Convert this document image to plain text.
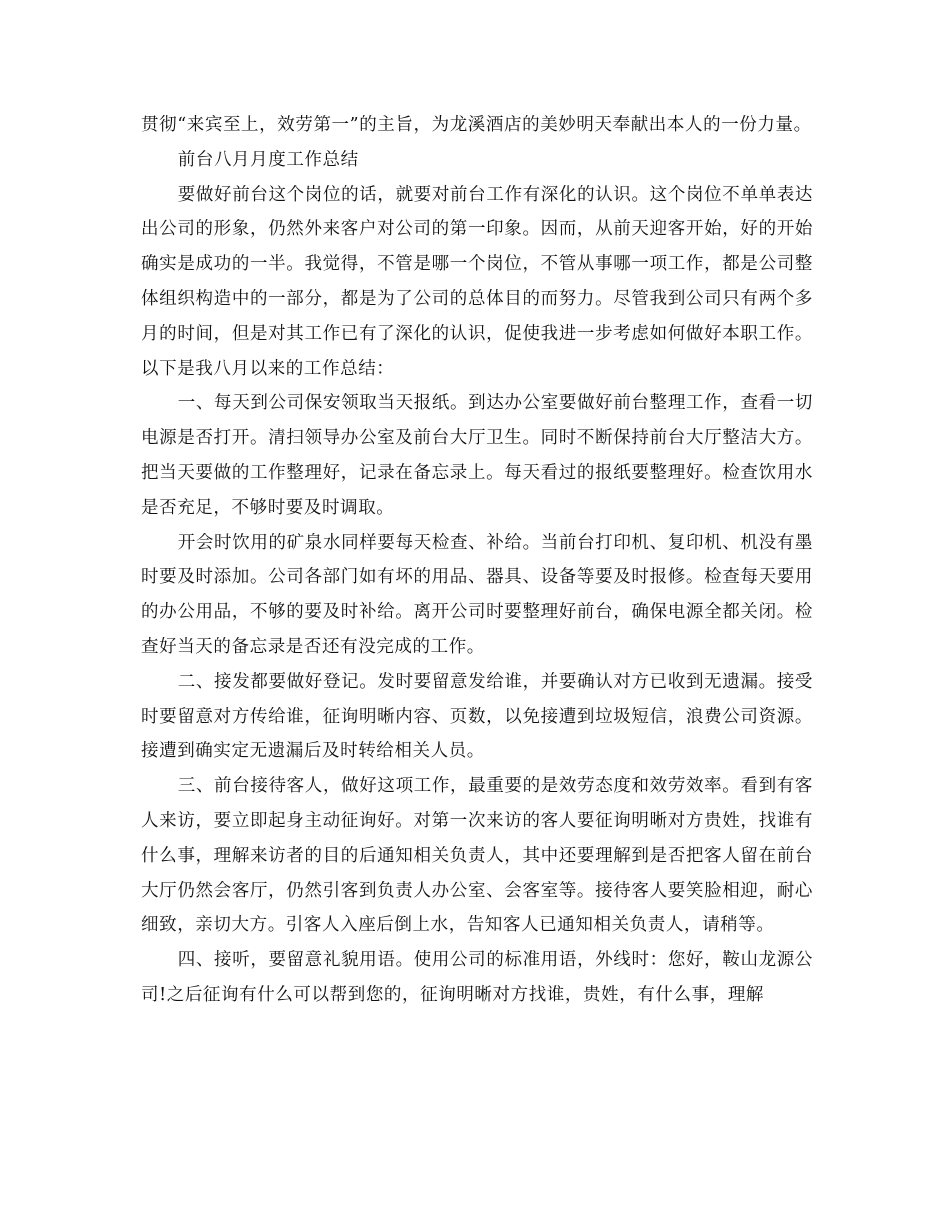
贯彻“来宾至上，效劳第一”的主旨，为龙溪酒店的美妙明天奉献出本人的一份力量。

前台八月月度工作总结

要做好前台这个岗位的话，就要对前台工作有深化的认识。这个岗位不单单表达出公司的形象，仍然外来客户对公司的第一印象。因而，从前天迎客开始，好的开始确实是成功的一半。我觉得，不管是哪一个岗位，不管从事哪一项工作，都是公司整体组织构造中的一部分，都是为了公司的总体目的而努力。尽管我到公司只有两个多月的时间，但是对其工作已有了深化的认识，促使我进一步考虑如何做好本职工作。以下是我八月以来的工作总结：

一、每天到公司保安领取当天报纸。到达办公室要做好前台整理工作，查看一切电源是否打开。清扫领导办公室及前台大厅卫生。同时不断保持前台大厅整洁大方。把当天要做的工作整理好，记录在备忘录上。每天看过的报纸要整理好。检查饮用水是否充足，不够时要及时调取。

开会时饮用的矿泉水同样要每天检查、补给。当前台打印机、复印机、机没有墨时要及时添加。公司各部门如有坏的用品、器具、设备等要及时报修。检查每天要用的办公用品，不够的要及时补给。离开公司时要整理好前台，确保电源全都关闭。检查好当天的备忘录是否还有没完成的工作。

二、接发都要做好登记。发时要留意发给谁，并要确认对方已收到无遗漏。接受时要留意对方传给谁，征询明晰内容、页数，以免接遭到垃圾短信，浪费公司资源。接遭到确实定无遗漏后及时转给相关人员。

三、前台接待客人，做好这项工作，最重要的是效劳态度和效劳效率。看到有客人来访，要立即起身主动征询好。对第一次来访的客人要征询明晰对方贵姓，找谁有什么事，理解来访者的目的后通知相关负责人，其中还要理解到是否把客人留在前台大厅仍然会客厅，仍然引客到负责人办公室、会客室等。接待客人要笑脸相迎，耐心细致，亲切大方。引客人入座后倒上水，告知客人已通知相关负责人，请稍等。

四、接听，要留意礼貌用语。使用公司的标准用语，外线时：您好，鞍山龙源公司!之后征询有什么可以帮到您的，征询明晰对方找谁，贵姓，有什么事，理解
